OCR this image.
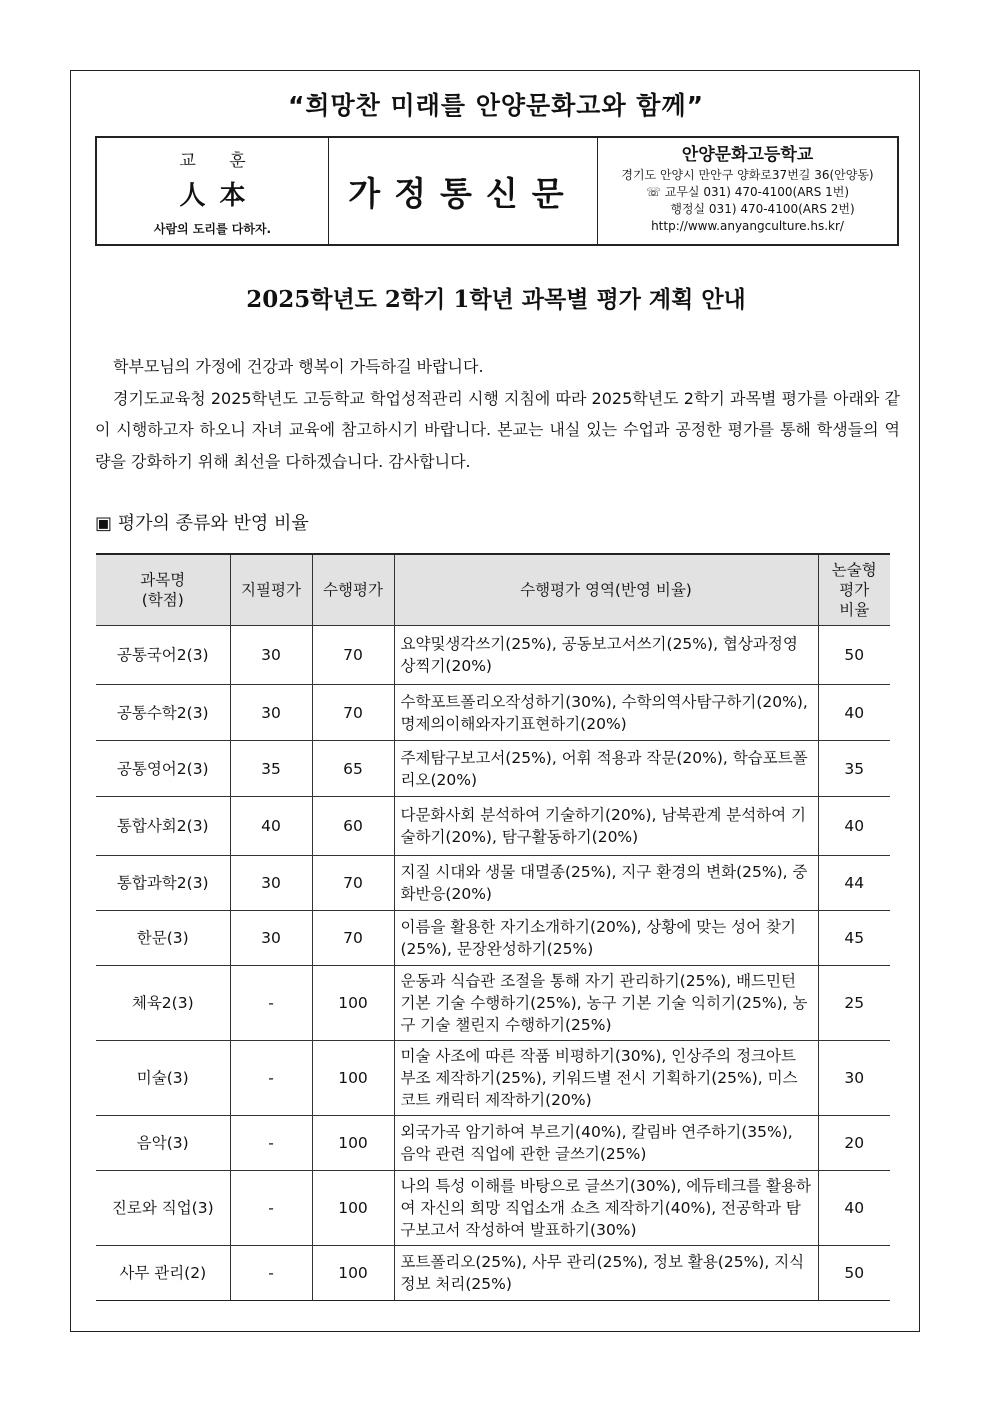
“희망찬 미래를 안양문화고와 함께”
교 훈
人本
사람의 도리를 다하자.
가정통신문
안양문화고등학교
경기도 안양시 만안구 양화로37번길 36(안양동)
☏ 교무실 031) 470-4100(ARS 1번)
행정실 031) 470-4100(ARS 2번)
http://www.anyangculture.hs.kr/
2025학년도 2학기 1학년 과목별 평가 계획 안내

학부모님의 가정에 건강과 행복이 가득하길 바랍니다.

경기도교육청 2025학년도 고등학교 학업성적관리 시행 지침에 따라 2025학년도 2학기 과목별 평가를 아래와 같이 시행하고자 하오니 자녀 교육에 참고하시기 바랍니다. 본교는 내실 있는 수업과 공정한 평가를 통해 학생들의 역량을 강화하기 위해 최선을 다하겠습니다. 감사합니다.

▣ 평가의 종류와 반영 비율
과목명
(학점)	지필평가	수행평가	수행평가 영역(반영 비율)	논술형
평가
비율
공통국어2(3)	30	70	요약및생각쓰기(25%), 공동보고서쓰기(25%), 협상과정영상찍기(20%)	50
공통수학2(3)	30	70	수학포트폴리오작성하기(30%), 수학의역사탐구하기(20%), 명제의이해와자기표현하기(20%)	40
공통영어2(3)	35	65	주제탐구보고서(25%), 어휘 적용과 작문(20%), 학습포트폴리오(20%)	35
통합사회2(3)	40	60	다문화사회 분석하여 기술하기(20%), 남북관계 분석하여 기술하기(20%), 탐구활동하기(20%)	40
통합과학2(3)	30	70	지질 시대와 생물 대멸종(25%), 지구 환경의 변화(25%), 중화반응(20%)	44
한문(3)	30	70	이름을 활용한 자기소개하기(20%), 상황에 맞는 성어 찾기(25%), 문장완성하기(25%)	45
체육2(3)	-	100	운동과 식습관 조절을 통해 자기 관리하기(25%), 배드민턴 기본 기술 수행하기(25%), 농구 기본 기술 익히기(25%), 농구 기술 챌린지 수행하기(25%)	25
미술(3)	-	100	미술 사조에 따른 작품 비평하기(30%), 인상주의 정크아트 부조 제작하기(25%), 키워드별 전시 기획하기(25%), 미스코트 캐릭터 제작하기(20%)	30
음악(3)	-	100	외국가곡 암기하여 부르기(40%), 칼림바 연주하기(35%), 음악 관련 직업에 관한 글쓰기(25%)	20
진로와 직업(3)	-	100	나의 특성 이해를 바탕으로 글쓰기(30%), 에듀테크를 활용하여 자신의 희망 직업소개 쇼츠 제작하기(40%), 전공학과 탐구보고서 작성하여 발표하기(30%)	40
사무 관리(2)	-	100	포트폴리오(25%), 사무 관리(25%), 정보 활용(25%), 지식 정보 처리(25%)	50
